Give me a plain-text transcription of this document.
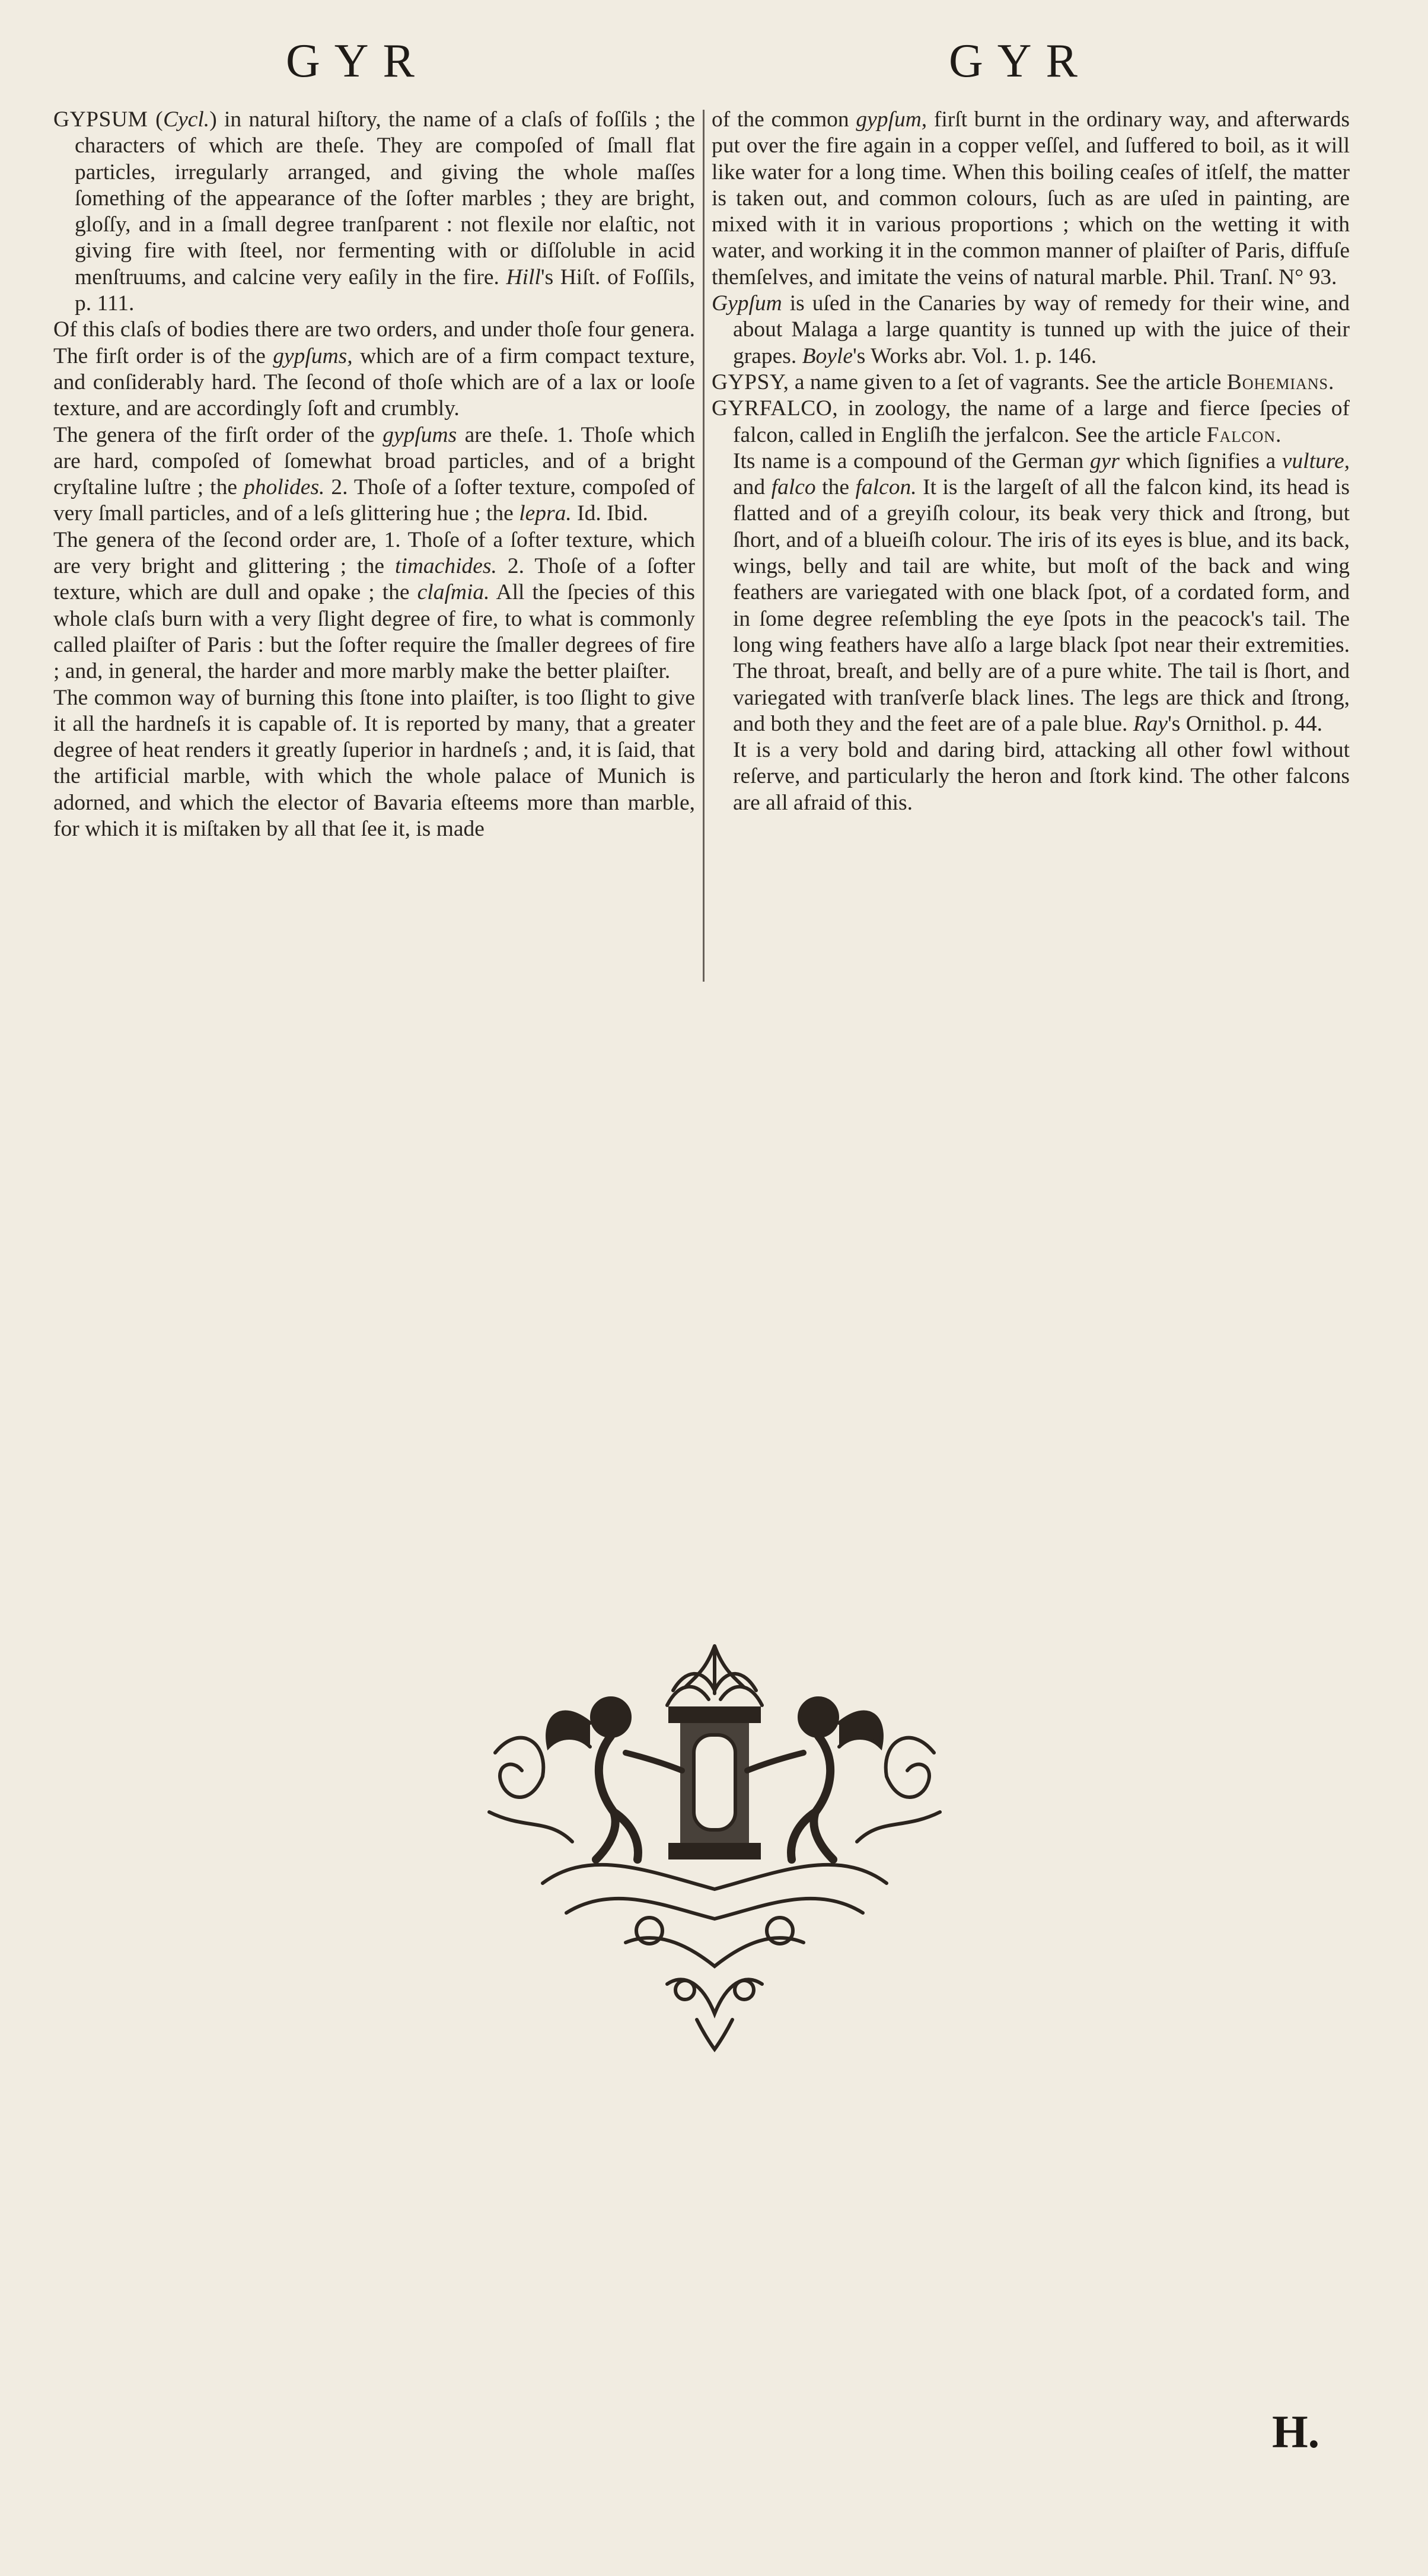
GYR	GYR

GYPSUM (Cycl.) in natural hiſtory, the name of a claſs of foſſils ; the characters of which are theſe. They are compoſed of ſmall flat particles, irregularly arranged, and giving the whole maſſes ſomething of the appearance of the ſofter marbles ; they are bright, gloſſy, and in a ſmall degree tranſparent : not flexile nor elaſtic, not giving fire with ſteel, nor fermenting with or diſſoluble in acid menſtruums, and calcine very eaſily in the fire. Hill's Hiſt. of Foſſils, p. 111.

Of this claſs of bodies there are two orders, and under thoſe four genera. The firſt order is of the gypſums, which are of a firm compact texture, and conſiderably hard. The ſecond of thoſe which are of a lax or looſe texture, and are accordingly ſoft and crumbly.

The genera of the firſt order of the gypſums are theſe. 1. Thoſe which are hard, compoſed of ſomewhat broad particles, and of a bright cryſtaline luſtre ; the pholides. 2. Thoſe of a ſofter texture, compoſed of very ſmall particles, and of a leſs glittering hue ; the lepra. Id. Ibid.

The genera of the ſecond order are, 1. Thoſe of a ſofter texture, which are very bright and glittering ; the timachides. 2. Thoſe of a ſofter texture, which are dull and opake ; the claſmia. All the ſpecies of this whole claſs burn with a very ſlight degree of fire, to what is commonly called plaiſter of Paris : but the ſofter require the ſmaller degrees of fire ; and, in general, the harder and more marbly make the better plaiſter.

The common way of burning this ſtone into plaiſter, is too ſlight to give it all the hardneſs it is capable of. It is reported by many, that a greater degree of heat renders it greatly ſuperior in hardneſs ; and, it is ſaid, that the artificial marble, with which the whole palace of Munich is adorned, and which the elector of Bavaria eſteems more than marble, for which it is miſtaken by all that ſee it, is made

of the common gypſum, firſt burnt in the ordinary way, and afterwards put over the fire again in a copper veſſel, and ſuffered to boil, as it will like water for a long time. When this boiling ceaſes of itſelf, the matter is taken out, and common colours, ſuch as are uſed in painting, are mixed with it in various proportions ; which on the wetting it with water, and working it in the common manner of plaiſter of Paris, diffuſe themſelves, and imitate the veins of natural marble. Phil. Tranſ. N° 93.

Gypſum is uſed in the Canaries by way of remedy for their wine, and about Malaga a large quantity is tunned up with the juice of their grapes. Boyle's Works abr. Vol. 1. p. 146.

GYPSY, a name given to a ſet of vagrants. See the article Bohemians.

GYRFALCO, in zoology, the name of a large and fierce ſpecies of falcon, called in Engliſh the jerfalcon. See the article Falcon.

Its name is a compound of the German gyr which ſignifies a vulture, and falco the falcon. It is the largeſt of all the falcon kind, its head is flatted and of a greyiſh colour, its beak very thick and ſtrong, but ſhort, and of a blueiſh colour. The iris of its eyes is blue, and its back, wings, belly and tail are white, but moſt of the back and wing feathers are variegated with one black ſpot, of a cordated form, and in ſome degree reſembling the eye ſpots in the peacock's tail. The long wing feathers have alſo a large black ſpot near their extremities. The throat, breaſt, and belly are of a pure white. The tail is ſhort, and variegated with tranſverſe black lines. The legs are thick and ſtrong, and both they and the feet are of a pale blue. Ray's Ornithol. p. 44.

It is a very bold and daring bird, attacking all other fowl without reſerve, and particularly the heron and ſtork kind. The other falcons are all afraid of this.

H.
